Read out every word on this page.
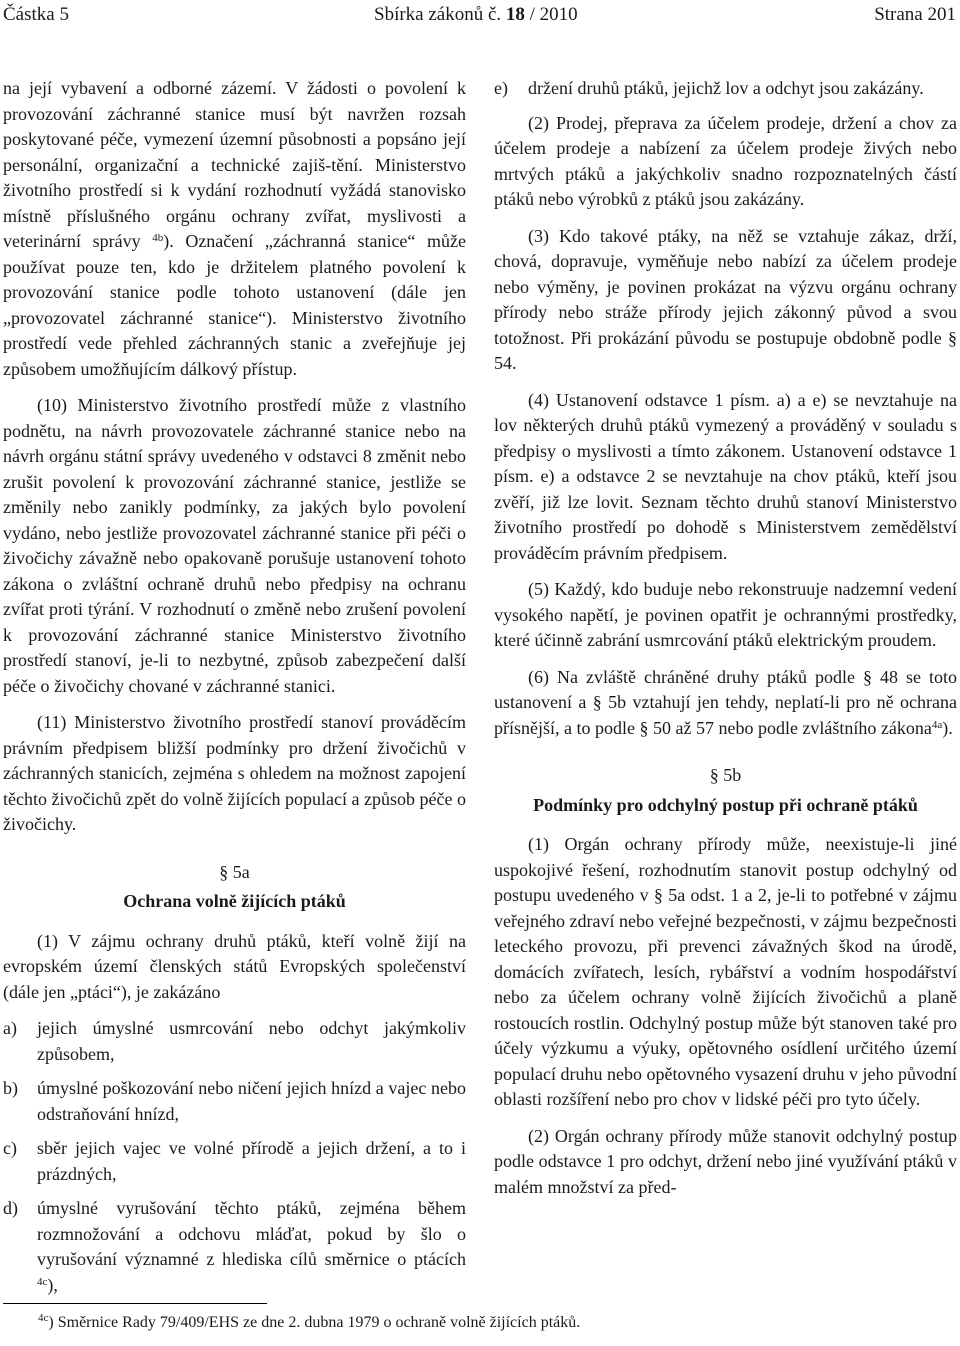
Částka 5	Sbírka zákonů č. 18 / 2010	Strana 201

na její vybavení a odborné zázemí. V žádosti o povolení k provozování záchranné stanice musí být navržen rozsah poskytované péče, vymezení územní působnosti a popsáno její personální, organizační a technické zajiš-tění. Ministerstvo životního prostředí si k vydání rozhodnutí vyžádá stanovisko místně příslušného orgánu ochrany zvířat, myslivosti a veterinární správy $^{4b}$). Označení „záchranná stanice“ může používat pouze ten, kdo je držitelem platného povolení k provozování stanice podle tohoto ustanovení (dále jen „provozovatel záchranné stanice“). Ministerstvo životního prostředí vede přehled záchranných stanic a zveřejňuje jej způsobem umožňujícím dálkový přístup.

(10) Ministerstvo životního prostředí může z vlastního podnětu, na návrh provozovatele záchranné stanice nebo na návrh orgánu státní správy uvedeného v odstavci 8 změnit nebo zrušit povolení k provozování záchranné stanice, jestliže se změnily nebo zanikly podmínky, za jakých bylo povolení vydáno, nebo jestliže provozovatel záchranné stanice při péči o živočichy závažně nebo opakovaně porušuje ustanovení tohoto zákona o zvláštní ochraně druhů nebo předpisy na ochranu zvířat proti týrání. V rozhodnutí o změně nebo zrušení povolení k provozování záchranné stanice Ministerstvo životního prostředí stanoví, je-li to nezbytné, způsob zabezpečení další péče o živočichy chované v záchranné stanici.

(11) Ministerstvo životního prostředí stanoví prováděcím právním předpisem bližší podmínky pro držení živočichů v záchranných stanicích, zejména s ohledem na možnost zapojení těchto živočichů zpět do volně žijících populací a způsob péče o živočichy.

§ 5a
Ochrana volně žijících ptáků

(1) V zájmu ochrany druhů ptáků, kteří volně žijí na evropském území členských států Evropských společenství (dále jen „ptáci“), je zakázáno

a)	jejich úmyslné usmrcování nebo odchyt jakýmkoliv způsobem,
b)	úmyslné poškozování nebo ničení jejich hnízd a vajec nebo odstraňování hnízd,
c)	sběr jejich vajec ve volné přírodě a jejich držení, a to i prázdných,
d)	úmyslné vyrušování těchto ptáků, zejména během rozmnožování a odchovu mláďat, pokud by šlo o vyrušování významné z hlediska cílů směrnice o ptácích $^{4c}$),
e)	držení druhů ptáků, jejichž lov a odchyt jsou zakázány.

(2) Prodej, přeprava za účelem prodeje, držení a chov za účelem prodeje a nabízení za účelem prodeje živých nebo mrtvých ptáků a jakýchkoliv snadno rozpoznatelných částí ptáků nebo výrobků z ptáků jsou zakázány.

(3) Kdo takové ptáky, na něž se vztahuje zákaz, drží, chová, dopravuje, vyměňuje nebo nabízí za účelem prodeje nebo výměny, je povinen prokázat na výzvu orgánu ochrany přírody nebo stráže přírody jejich zákonný původ a svou totožnost. Při prokázání původu se postupuje obdobně podle § 54.

(4) Ustanovení odstavce 1 písm. a) a e) se nevztahuje na lov některých druhů ptáků vymezený a prováděný v souladu s předpisy o myslivosti a tímto zákonem. Ustanovení odstavce 1 písm. e) a odstavce 2 se nevztahuje na chov ptáků, kteří jsou zvěří, již lze lovit. Seznam těchto druhů stanoví Ministerstvo životního prostředí po dohodě s Ministerstvem zemědělství prováděcím právním předpisem.

(5) Každý, kdo buduje nebo rekonstruuje nadzemní vedení vysokého napětí, je povinen opatřit je ochrannými prostředky, které účinně zabrání usmrcování ptáků elektrickým proudem.

(6) Na zvláště chráněné druhy ptáků podle § 48 se toto ustanovení a § 5b vztahují jen tehdy, neplatí-li pro ně ochrana přísnější, a to podle § 50 až 57 nebo podle zvláštního zákona$^{4a}$).

§ 5b
Podmínky pro odchylný postup při ochraně ptáků

(1) Orgán ochrany přírody může, neexistuje-li jiné uspokojivé řešení, rozhodnutím stanovit postup odchylný od postupu uvedeného v § 5a odst. 1 a 2, je-li to potřebné v zájmu veřejného zdraví nebo veřejné bezpečnosti, v zájmu bezpečnosti leteckého provozu, při prevenci závažných škod na úrodě, domácích zvířatech, lesích, rybářství a vodním hospodářství nebo za účelem ochrany volně žijících živočichů a planě rostoucích rostlin. Odchylný postup může být stanoven také pro účely výzkumu a výuky, opětovného osídlení určitého území populací druhu nebo opětovného vysazení druhu v jeho původní oblasti rozšíření nebo pro chov v lidské péči pro tyto účely.

(2) Orgán ochrany přírody může stanovit odchylný postup podle odstavce 1 pro odchyt, držení nebo jiné využívání ptáků v malém množství za před-

$^{4c}$) Směrnice Rady 79/409/EHS ze dne 2. dubna 1979 o ochraně volně žijících ptáků.
